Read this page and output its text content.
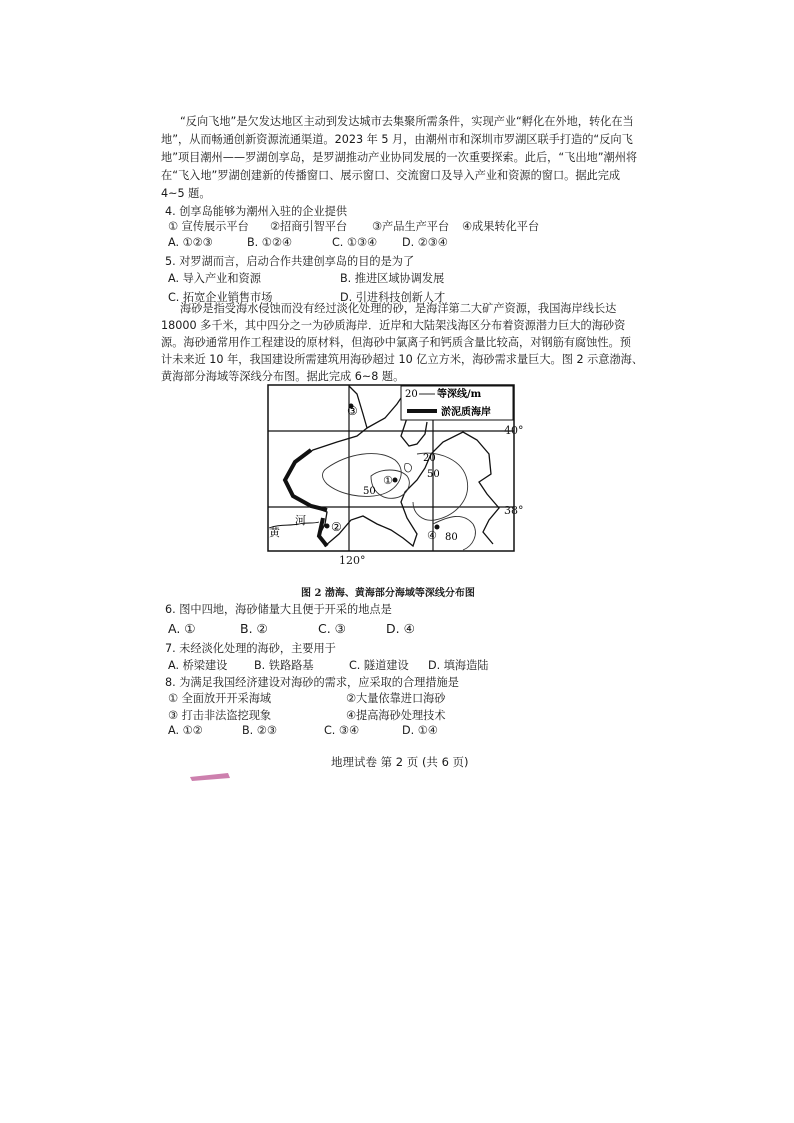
“反向飞地”是欠发达地区主动到发达城市去集聚所需条件，实现产业“孵化在外地，转化在当
地”，从而畅通创新资源流通渠道。2023 年 5 月，由潮州市和深圳市罗湖区联手打造的“反向飞
地”项目潮州——罗湖创享岛，是罗湖推动产业协同发展的一次重要探索。此后，“飞出地”潮州将
在“飞入地”罗湖创建新的传播窗口、展示窗口、交流窗口及导入产业和资源的窗口。据此完成
4~5 题。
4. 创享岛能够为潮州入驻的企业提供
① 宣传展示平台 ②招商引智平台 ③产品生产平台 ④成果转化平台
A. ①②③	B. ①②④	C. ①③④ D. ②③④
5. 对罗湖而言，启动合作共建创享岛的目的是为了
A. 导入产业和资源	B. 推进区域协调发展
C. 拓宽企业销售市场	D. 引进科技创新人才
海砂是指受海水侵蚀而没有经过淡化处理的砂，是海洋第二大矿产资源，我国海岸线长达
18000 多千米，其中四分之一为砂质海岸．近岸和大陆架浅海区分布着资源潜力巨大的海砂资
源。海砂通常用作工程建设的原材料，但海砂中氯离子和钙质含量比较高，对钢筋有腐蚀性。预
计未来近 10 年，我国建设所需建筑用海砂超过 10 亿立方米，海砂需求量巨大。图 2 示意渤海、
黄海部分海域等深线分布图。据此完成 6~8 题。
20 等深线/m
淤泥质海岸
①
②
③
④
20
50
50
80
河
黄
40°
38°
120°
图 2 渤海、黄海部分海域等深线分布图
6. 图中四地，海砂储量大且便于开采的地点是
A. ①	B. ②	C. ③	D. ④
7. 未经淡化处理的海砂，主要用于
A. 桥梁建设 B. 铁路路基	C. 隧道建设 D. 填海造陆
8. 为满足我国经济建设对海砂的需求，应采取的合理措施是
① 全面放开开采海域	②大量依靠进口海砂
③ 打击非法盗挖现象	④提高海砂处理技术
A. ①②	B. ②③	C. ③④	D. ①④
地理试卷 第 2 页 (共 6 页)
